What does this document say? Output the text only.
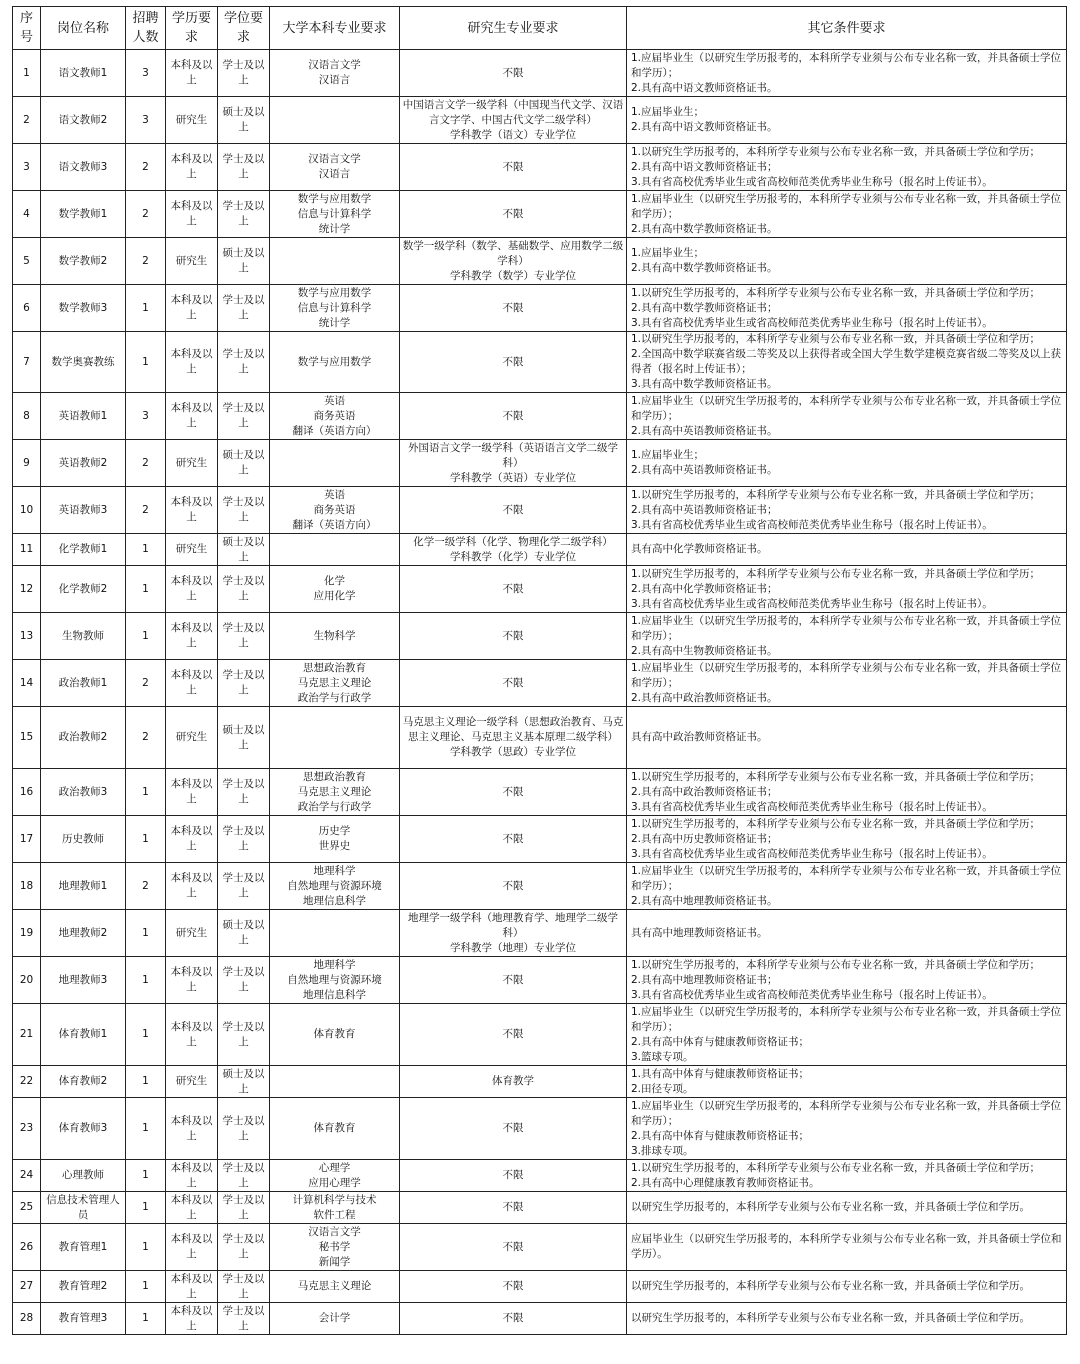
序号	岗位名称	招聘人数	学历要求	学位要求	大学本科专业要求	研究生专业要求	其它条件要求
1	语文教师1	3	本科及以上	学士及以上	汉语言文学
汉语言	不限	1.应届毕业生（以研究生学历报考的，本科所学专业须与公布专业名称一致，并具备硕士学位和学历）；
2.具有高中语文教师资格证书。

2	语文教师2	3	研究生	硕士及以上		中国语言文学一级学科（中国现当代文学、汉语言文字学、中国古代文学二级学科）
学科教学（语文）专业学位	1.应届毕业生；
2.具有高中语文教师资格证书。

3	语文教师3	2	本科及以上	学士及以上	汉语言文学
汉语言	不限	1.以研究生学历报考的，本科所学专业须与公布专业名称一致，并具备硕士学位和学历；
2.具有高中语文教师资格证书；
3.具有省高校优秀毕业生或省高校师范类优秀毕业生称号（报名时上传证书）。

4	数学教师1	2	本科及以上	学士及以上	数学与应用数学
信息与计算科学
统计学	不限	1.应届毕业生（以研究生学历报考的，本科所学专业须与公布专业名称一致，并具备硕士学位和学历）；
2.具有高中数学教师资格证书。

5	数学教师2	2	研究生	硕士及以上		数学一级学科（数学、基础数学、应用数学二级学科）
学科教学（数学）专业学位	1.应届毕业生；
2.具有高中数学教师资格证书。

6	数学教师3	1	本科及以上	学士及以上	数学与应用数学
信息与计算科学
统计学	不限	1.以研究生学历报考的，本科所学专业须与公布专业名称一致，并具备硕士学位和学历；
2.具有高中数学教师资格证书；
3.具有省高校优秀毕业生或省高校师范类优秀毕业生称号（报名时上传证书）。

7	数学奥赛教练	1	本科及以上	学士及以上	数学与应用数学	不限	1.以研究生学历报考的，本科所学专业须与公布专业名称一致，并具备硕士学位和学历；
2.全国高中数学联赛省级二等奖及以上获得者或全国大学生数学建模竞赛省级二等奖及以上获得者（报名时上传证书）；
3.具有高中数学教师资格证书。

8	英语教师1	3	本科及以上	学士及以上	英语
商务英语
翻译（英语方向）	不限	1.应届毕业生（以研究生学历报考的，本科所学专业须与公布专业名称一致，并具备硕士学位和学历）；
2.具有高中英语教师资格证书。

9	英语教师2	2	研究生	硕士及以上		外国语言文学一级学科（英语语言文学二级学科）
学科教学（英语）专业学位	1.应届毕业生；
2.具有高中英语教师资格证书。

10	英语教师3	2	本科及以上	学士及以上	英语
商务英语
翻译（英语方向）	不限	1.以研究生学历报考的，本科所学专业须与公布专业名称一致，并具备硕士学位和学历；
2.具有高中英语教师资格证书；
3.具有省高校优秀毕业生或省高校师范类优秀毕业生称号（报名时上传证书）。

11	化学教师1	1	研究生	硕士及以上		化学一级学科（化学、物理化学二级学科）
学科教学（化学）专业学位	具有高中化学教师资格证书。

12	化学教师2	1	本科及以上	学士及以上	化学
应用化学	不限	1.以研究生学历报考的，本科所学专业须与公布专业名称一致，并具备硕士学位和学历；
2.具有高中化学教师资格证书；
3.具有省高校优秀毕业生或省高校师范类优秀毕业生称号（报名时上传证书）。

13	生物教师	1	本科及以上	学士及以上	生物科学	不限	1.应届毕业生（以研究生学历报考的，本科所学专业须与公布专业名称一致，并具备硕士学位和学历）；
2.具有高中生物教师资格证书。

14	政治教师1	2	本科及以上	学士及以上	思想政治教育
马克思主义理论
政治学与行政学	不限	1.应届毕业生（以研究生学历报考的，本科所学专业须与公布专业名称一致，并具备硕士学位和学历）；
2.具有高中政治教师资格证书。

15	政治教师2	2	研究生	硕士及以上		马克思主义理论一级学科（思想政治教育、马克思主义理论、马克思主义基本原理二级学科）
学科教学（思政）专业学位	具有高中政治教师资格证书。

16	政治教师3	1	本科及以上	学士及以上	思想政治教育
马克思主义理论
政治学与行政学	不限	1.以研究生学历报考的，本科所学专业须与公布专业名称一致，并具备硕士学位和学历；
2.具有高中政治教师资格证书；
3.具有省高校优秀毕业生或省高校师范类优秀毕业生称号（报名时上传证书）。

17	历史教师	1	本科及以上	学士及以上	历史学
世界史	不限	1.以研究生学历报考的，本科所学专业须与公布专业名称一致，并具备硕士学位和学历；
2.具有高中历史教师资格证书；
3.具有省高校优秀毕业生或省高校师范类优秀毕业生称号（报名时上传证书）。

18	地理教师1	2	本科及以上	学士及以上	地理科学
自然地理与资源环境
地理信息科学	不限	1.应届毕业生（以研究生学历报考的，本科所学专业须与公布专业名称一致，并具备硕士学位和学历）；
2.具有高中地理教师资格证书。

19	地理教师2	1	研究生	硕士及以上		地理学一级学科（地理教育学、地理学二级学科）
学科教学（地理）专业学位	具有高中地理教师资格证书。

20	地理教师3	1	本科及以上	学士及以上	地理科学
自然地理与资源环境
地理信息科学	不限	1.以研究生学历报考的，本科所学专业须与公布专业名称一致，并具备硕士学位和学历；
2.具有高中地理教师资格证书；
3.具有省高校优秀毕业生或省高校师范类优秀毕业生称号（报名时上传证书）。

21	体育教师1	1	本科及以上	学士及以上	体育教育	不限	1.应届毕业生（以研究生学历报考的，本科所学专业须与公布专业名称一致，并具备硕士学位和学历）；
2.具有高中体育与健康教师资格证书；
3.篮球专项。

22	体育教师2	1	研究生	硕士及以上		体育教学	1.具有高中体育与健康教师资格证书；
2.田径专项。

23	体育教师3	1	本科及以上	学士及以上	体育教育	不限	1.应届毕业生（以研究生学历报考的，本科所学专业须与公布专业名称一致，并具备硕士学位和学历）；
2.具有高中体育与健康教师资格证书；
3.排球专项。

24	心理教师	1	本科及以上	学士及以上	心理学
应用心理学	不限	1.以研究生学历报考的，本科所学专业须与公布专业名称一致，并具备硕士学位和学历；
2.具有高中心理健康教育教师资格证书。

25	信息技术管理人员	1	本科及以上	学士及以上	计算机科学与技术
软件工程	不限	以研究生学历报考的，本科所学专业须与公布专业名称一致，并具备硕士学位和学历。

26	教育管理1	1	本科及以上	学士及以上	汉语言文学
秘书学
新闻学	不限	应届毕业生（以研究生学历报考的，本科所学专业须与公布专业名称一致，并具备硕士学位和学历）。

27	教育管理2	1	本科及以上	学士及以上	马克思主义理论	不限	以研究生学历报考的，本科所学专业须与公布专业名称一致，并具备硕士学位和学历。

28	教育管理3	1	本科及以上	学士及以上	会计学	不限	以研究生学历报考的，本科所学专业须与公布专业名称一致，并具备硕士学位和学历。
